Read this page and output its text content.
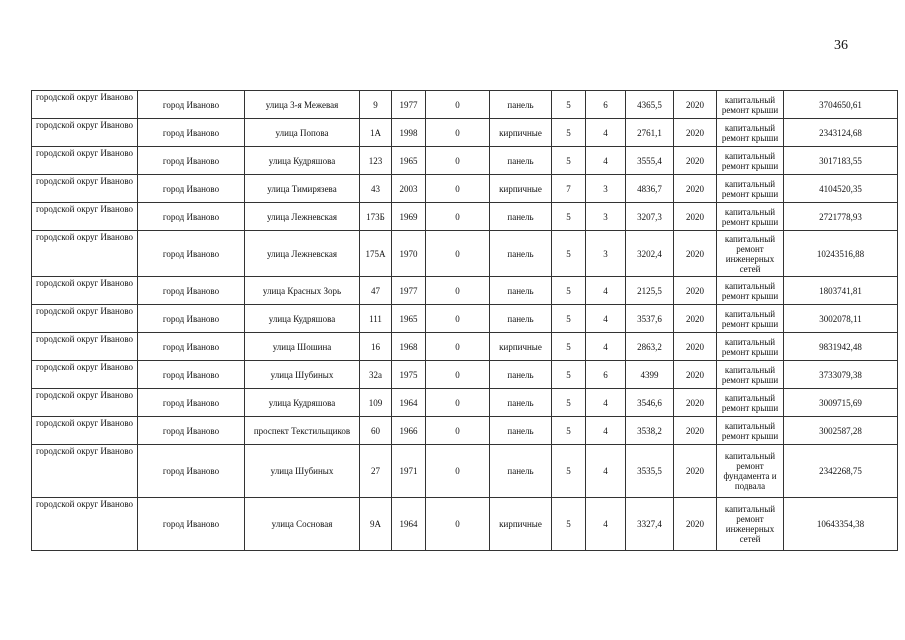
36
городской округ Иваново	город Иваново	улица 3-я Межевая	9	1977	0	панель	5	6	4365,5	2020	капитальный ремонт крыши	3704650,61
городской округ Иваново	город Иваново	улица Попова	1А	1998	0	кирпичные	5	4	2761,1	2020	капитальный ремонт крыши	2343124,68
городской округ Иваново	город Иваново	улица Кудряшова	123	1965	0	панель	5	4	3555,4	2020	капитальный ремонт крыши	3017183,55
городской округ Иваново	город Иваново	улица Тимирязева	43	2003	0	кирпичные	7	3	4836,7	2020	капитальный ремонт крыши	4104520,35
городской округ Иваново	город Иваново	улица Лежневская	173Б	1969	0	панель	5	3	3207,3	2020	капитальный ремонт крыши	2721778,93
городской округ Иваново	город Иваново	улица Лежневская	175А	1970	0	панель	5	3	3202,4	2020	капитальный ремонт инженерных сетей	10243516,88
городской округ Иваново	город Иваново	улица Красных Зорь	47	1977	0	панель	5	4	2125,5	2020	капитальный ремонт крыши	1803741,81
городской округ Иваново	город Иваново	улица Кудряшова	111	1965	0	панель	5	4	3537,6	2020	капитальный ремонт крыши	3002078,11
городской округ Иваново	город Иваново	улица Шошина	16	1968	0	кирпичные	5	4	2863,2	2020	капитальный ремонт крыши	9831942,48
городской округ Иваново	город Иваново	улица Шубиных	32а	1975	0	панель	5	6	4399	2020	капитальный ремонт крыши	3733079,38
городской округ Иваново	город Иваново	улица Кудряшова	109	1964	0	панель	5	4	3546,6	2020	капитальный ремонт крыши	3009715,69
городской округ Иваново	город Иваново	проспект Текстильщиков	60	1966	0	панель	5	4	3538,2	2020	капитальный ремонт крыши	3002587,28
городской округ Иваново	город Иваново	улица Шубиных	27	1971	0	панель	5	4	3535,5	2020	капитальный ремонт фундамента и подвала	2342268,75
городской округ Иваново	город Иваново	улица Сосновая	9А	1964	0	кирпичные	5	4	3327,4	2020	капитальный ремонт инженерных сетей	10643354,38
